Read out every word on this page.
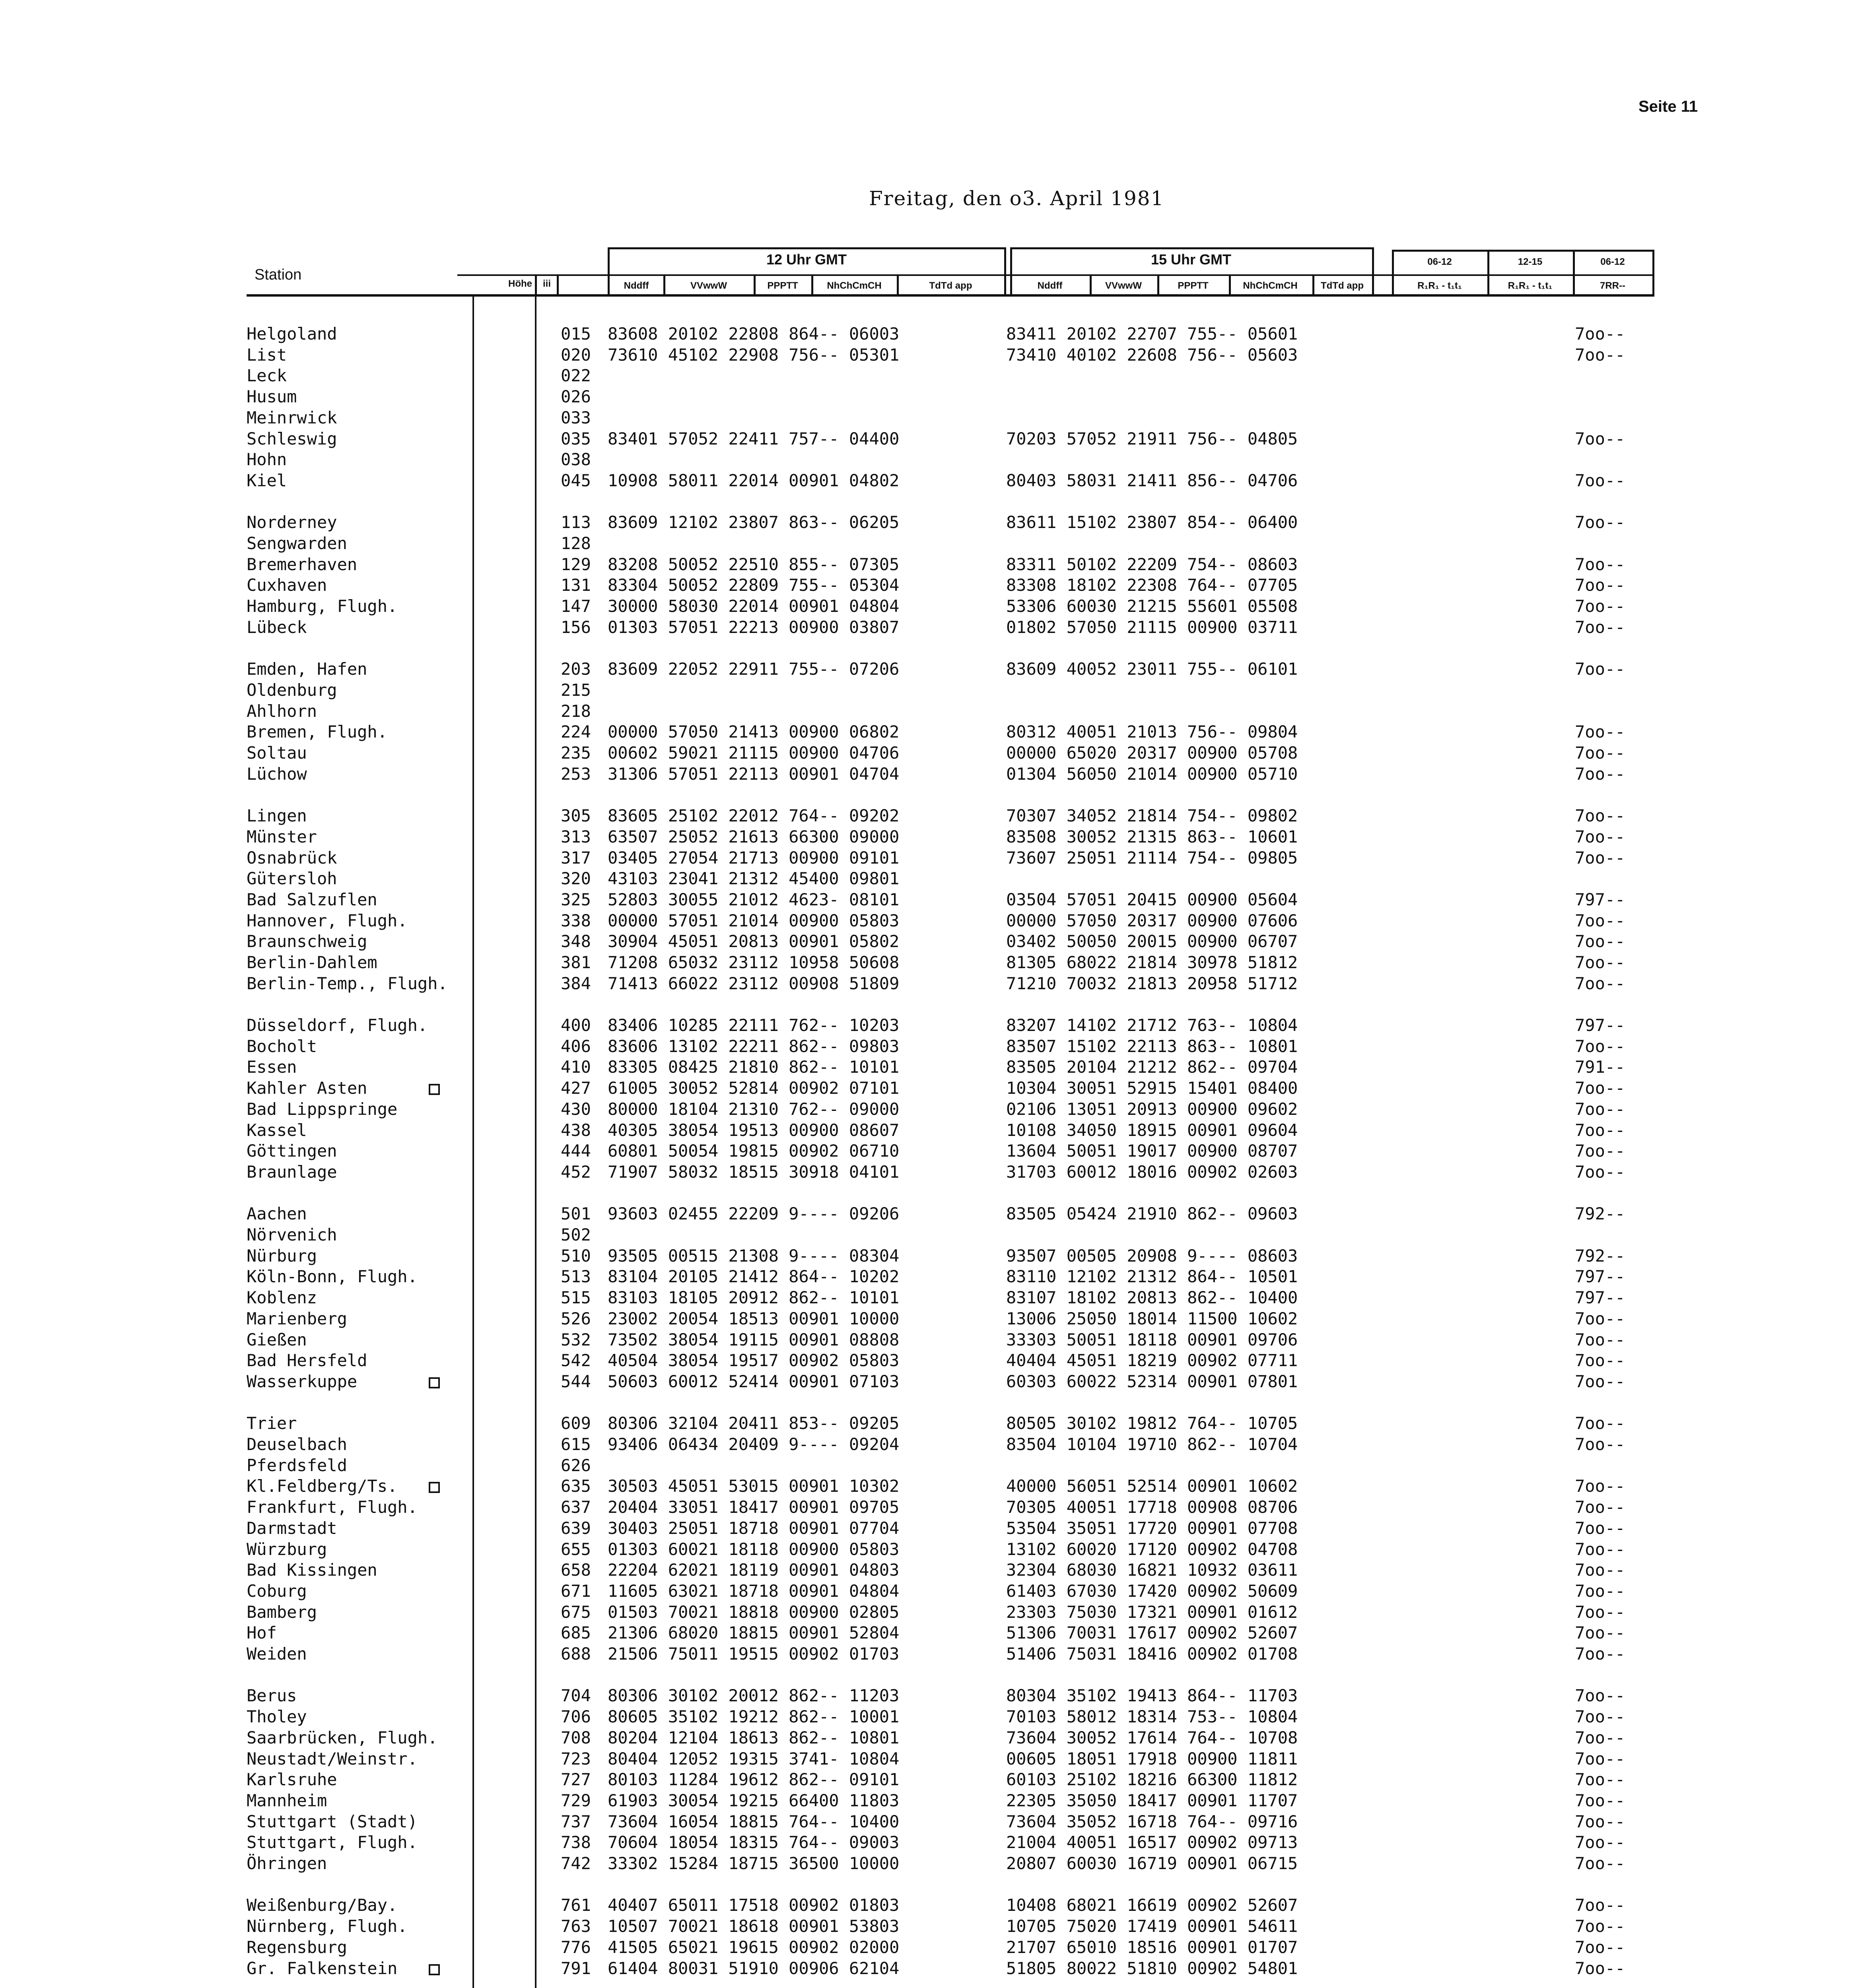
Seite 11
Freitag, den o3. April 1981
Station
Höhe	iii
12 Uhr GMT	15 Uhr GMT
Nddff	VVwwW	PPPTT	NhChCmCH	TdTd app	Nddff	VVwwW	PPPTT	NhChCmCH	TdTd app
06-12	12-15	06-12
R₁R₁ - t₁t₁	R₁R₁ - t₁t₁	7RR--
Helgoland	015 83608 20102 22808 864-- 06003	83411 20102 22707 755-- 05601	7oo--
List	020 73610 45102 22908 756-- 05301	73410 40102 22608 756-- 05603	7oo--
Leck	022
Husum	026
Meinrwick	033
Schleswig	035 83401 57052 22411 757-- 04400	70203 57052 21911 756-- 04805	7oo--
Hohn	038
Kiel	045 10908 58011 22014 00901 04802	80403 58031 21411 856-- 04706	7oo--
Norderney	113 83609 12102 23807 863-- 06205	83611 15102 23807 854-- 06400	7oo--
Sengwarden	128
Bremerhaven	129 83208 50052 22510 855-- 07305	83311 50102 22209 754-- 08603	7oo--
Cuxhaven	131 83304 50052 22809 755-- 05304	83308 18102 22308 764-- 07705	7oo--
Hamburg, Flugh.	147 30000 58030 22014 00901 04804	53306 60030 21215 55601 05508	7oo--
Lübeck	156 01303 57051 22213 00900 03807	01802 57050 21115 00900 03711	7oo--
Emden, Hafen	203 83609 22052 22911 755-- 07206	83609 40052 23011 755-- 06101	7oo--
Oldenburg	215
Ahlhorn	218
Bremen, Flugh.	224 00000 57050 21413 00900 06802	80312 40051 21013 756-- 09804	7oo--
Soltau	235 00602 59021 21115 00900 04706	00000 65020 20317 00900 05708	7oo--
Lüchow	253 31306 57051 22113 00901 04704	01304 56050 21014 00900 05710	7oo--
Lingen	305 83605 25102 22012 764-- 09202	70307 34052 21814 754-- 09802	7oo--
Münster	313 63507 25052 21613 66300 09000	83508 30052 21315 863-- 10601	7oo--
Osnabrück	317 03405 27054 21713 00900 09101	73607 25051 21114 754-- 09805	7oo--
Gütersloh	320 43103 23041 21312 45400 09801
Bad Salzuflen	325 52803 30055 21012 4623- 08101	03504 57051 20415 00900 05604	797--
Hannover, Flugh.	338 00000 57051 21014 00900 05803	00000 57050 20317 00900 07606	7oo--
Braunschweig	348 30904 45051 20813 00901 05802	03402 50050 20015 00900 06707	7oo--
Berlin-Dahlem	381 71208 65032 23112 10958 50608	81305 68022 21814 30978 51812	7oo--
Berlin-Temp., Flugh.	384 71413 66022 23112 00908 51809	71210 70032 21813 20958 51712	7oo--
Düsseldorf, Flugh.	400 83406 10285 22111 762-- 10203	83207 14102 21712 763-- 10804	797--
Bocholt	406 83606 13102 22211 862-- 09803	83507 15102 22113 863-- 10801	7oo--
Essen	410 83305 08425 21810 862-- 10101	83505 20104 21212 862-- 09704	791--
Kahler Asten	427 61005 30052 52814 00902 07101	10304 30051 52915 15401 08400	7oo--
Bad Lippspringe	430 80000 18104 21310 762-- 09000	02106 13051 20913 00900 09602	7oo--
Kassel	438 40305 38054 19513 00900 08607	10108 34050 18915 00901 09604	7oo--
Göttingen	444 60801 50054 19815 00902 06710	13604 50051 19017 00900 08707	7oo--
Braunlage	452 71907 58032 18515 30918 04101	31703 60012 18016 00902 02603	7oo--
Aachen	501 93603 02455 22209 9---- 09206	83505 05424 21910 862-- 09603	792--
Nörvenich	502
Nürburg	510 93505 00515 21308 9---- 08304	93507 00505 20908 9---- 08603	792--
Köln-Bonn, Flugh.	513 83104 20105 21412 864-- 10202	83110 12102 21312 864-- 10501	797--
Koblenz	515 83103 18105 20912 862-- 10101	83107 18102 20813 862-- 10400	797--
Marienberg	526 23002 20054 18513 00901 10000	13006 25050 18014 11500 10602	7oo--
Gießen	532 73502 38054 19115 00901 08808	33303 50051 18118 00901 09706	7oo--
Bad Hersfeld	542 40504 38054 19517 00902 05803	40404 45051 18219 00902 07711	7oo--
Wasserkuppe	544 50603 60012 52414 00901 07103	60303 60022 52314 00901 07801	7oo--
Trier	609 80306 32104 20411 853-- 09205	80505 30102 19812 764-- 10705	7oo--
Deuselbach	615 93406 06434 20409 9---- 09204	83504 10104 19710 862-- 10704	7oo--
Pferdsfeld	626
Kl.Feldberg/Ts.	635 30503 45051 53015 00901 10302	40000 56051 52514 00901 10602	7oo--
Frankfurt, Flugh.	637 20404 33051 18417 00901 09705	70305 40051 17718 00908 08706	7oo--
Darmstadt	639 30403 25051 18718 00901 07704	53504 35051 17720 00901 07708	7oo--
Würzburg	655 01303 60021 18118 00900 05803	13102 60020 17120 00902 04708	7oo--
Bad Kissingen	658 22204 62021 18119 00901 04803	32304 68030 16821 10932 03611	7oo--
Coburg	671 11605 63021 18718 00901 04804	61403 67030 17420 00902 50609	7oo--
Bamberg	675 01503 70021 18818 00900 02805	23303 75030 17321 00901 01612	7oo--
Hof	685 21306 68020 18815 00901 52804	51306 70031 17617 00902 52607	7oo--
Weiden	688 21506 75011 19515 00902 01703	51406 75031 18416 00902 01708	7oo--
Berus	704 80306 30102 20012 862-- 11203	80304 35102 19413 864-- 11703	7oo--
Tholey	706 80605 35102 19212 862-- 10001	70103 58012 18314 753-- 10804	7oo--
Saarbrücken, Flugh.	708 80204 12104 18613 862-- 10801	73604 30052 17614 764-- 10708	7oo--
Neustadt/Weinstr.	723 80404 12052 19315 3741- 10804	00605 18051 17918 00900 11811	7oo--
Karlsruhe	727 80103 11284 19612 862-- 09101	60103 25102 18216 66300 11812	7oo--
Mannheim	729 61903 30054 19215 66400 11803	22305 35050 18417 00901 11707	7oo--
Stuttgart (Stadt)	737 73604 16054 18815 764-- 10400	73604 35052 16718 764-- 09716	7oo--
Stuttgart, Flugh.	738 70604 18054 18315 764-- 09003	21004 40051 16517 00902 09713	7oo--
Öhringen	742 33302 15284 18715 36500 10000	20807 60030 16719 00901 06715	7oo--
Weißenburg/Bay.	761 40407 65011 17518 00902 01803	10408 68021 16619 00902 52607	7oo--
Nürnberg, Flugh.	763 10507 70021 18618 00901 53803	10705 75020 17419 00901 54611	7oo--
Regensburg	776 41505 65021 19615 00902 02000	21707 65010 18516 00901 01707	7oo--
Gr. Falkenstein	791 61404 80031 51910 00906 62104	51805 80022 51810 00902 54801	7oo--
